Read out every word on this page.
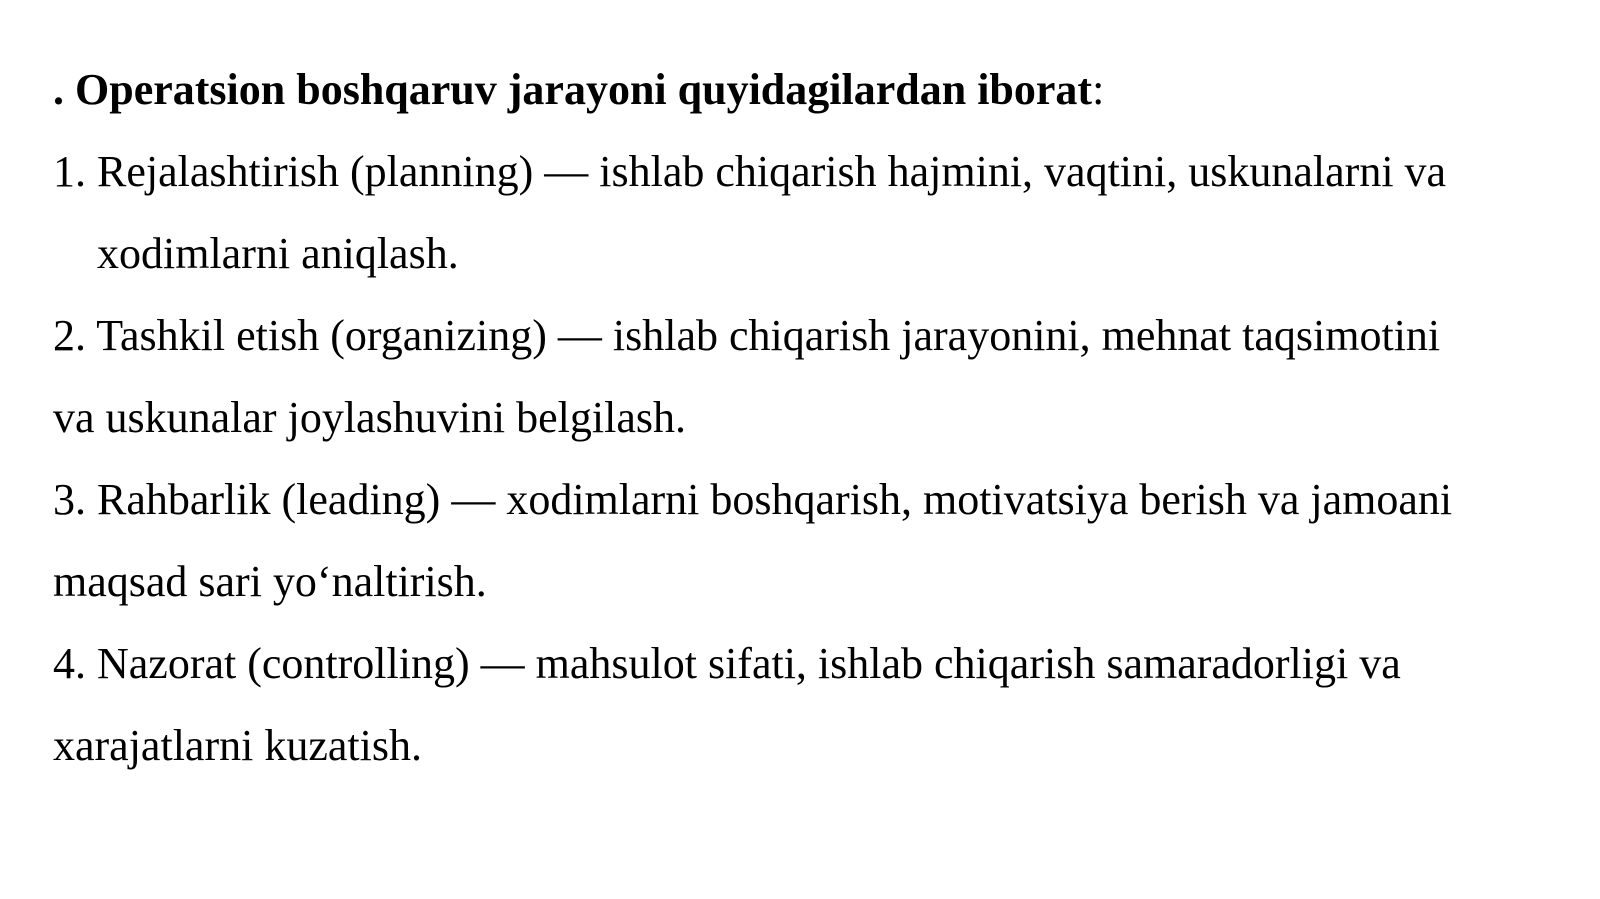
. Operatsion boshqaruv jarayoni quyidagilardan iborat:
1. Rejalashtirish (planning) — ishlab chiqarish hajmini, vaqtini, uskunalarni va
xodimlarni aniqlash.
2. Tashkil etish (organizing) — ishlab chiqarish jarayonini, mehnat taqsimotini
va uskunalar joylashuvini belgilash.
3. Rahbarlik (leading) — xodimlarni boshqarish, motivatsiya berish va jamoani
maqsad sari yo‘naltirish.
4. Nazorat (controlling) — mahsulot sifati, ishlab chiqarish samaradorligi va
xarajatlarni kuzatish.
